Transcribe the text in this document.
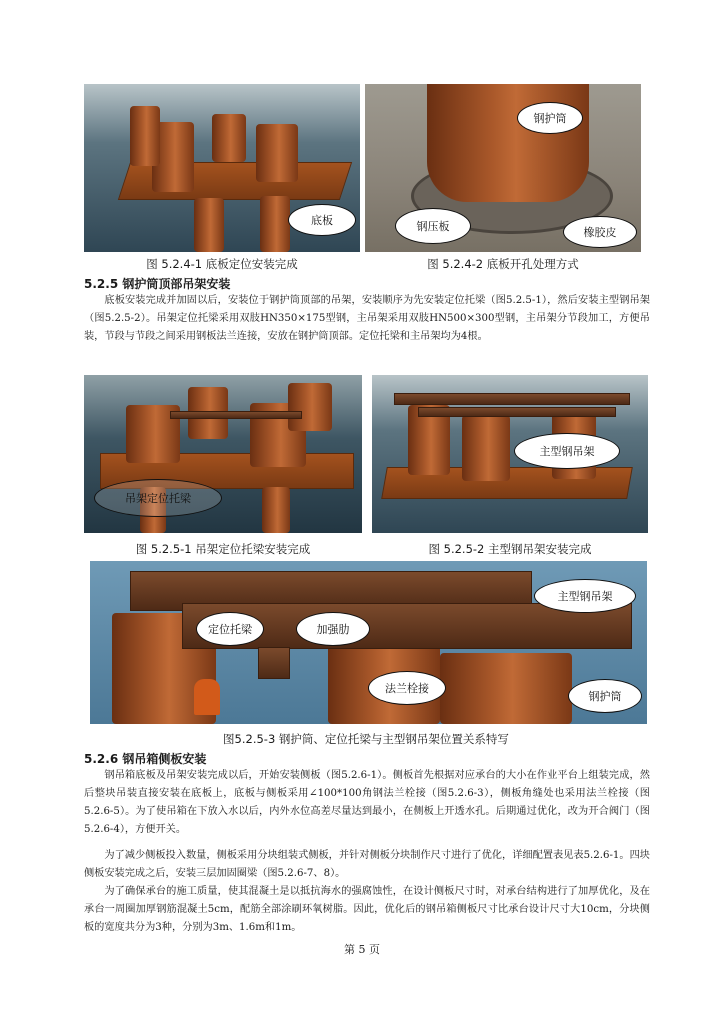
底板
钢护筒
钢压板	橡胶皮
图 5.2.4-1 底板定位安装完成	图 5.2.4-2 底板开孔处理方式
5.2.5 钢护筒顶部吊架安装

底板安装完成并加固以后，安装位于钢护筒顶部的吊架，安装顺序为先安装定位托梁（图5.2.5-1），然后安装主型钢吊架（图5.2.5-2）。吊架定位托梁采用双肢HN350×175型钢，主吊架采用双肢HN500×300型钢，主吊架分节段加工，方便吊装，节段与节段之间采用钢板法兰连接，安放在钢护筒顶部。定位托梁和主吊架均为4根。

吊架定位托梁
主型钢吊架
图 5.2.5-1 吊架定位托梁安装完成	图 5.2.5-2 主型钢吊架安装完成
定位托梁	加强肋
主型钢吊架
法兰栓接
钢护筒
图5.2.5-3 钢护筒、定位托梁与主型钢吊架位置关系特写
5.2.6 钢吊箱侧板安装

钢吊箱底板及吊架安装完成以后，开始安装侧板（图5.2.6-1）。侧板首先根据对应承台的大小在作业平台上组装完成，然后整块吊装直接安装在底板上，底板与侧板采用∠100*100角钢法兰栓接（图5.2.6-3），侧板角缝处也采用法兰栓接（图5.2.6-5）。为了使吊箱在下放入水以后，内外水位高差尽量达到最小，在侧板上开透水孔。后期通过优化，改为开合阀门（图5.2.6-4），方便开关。

为了减少侧板投入数量，侧板采用分块组装式侧板，并针对侧板分块制作尺寸进行了优化，详细配置表见表5.2.6-1。四块侧板安装完成之后，安装三层加固圈梁（图5.2.6-7、8）。

为了确保承台的施工质量，使其混凝土是以抵抗海水的强腐蚀性，在设计侧板尺寸时，对承台结构进行了加厚优化，及在承台一周圈加厚钢筋混凝土5cm，配筋全部涂刷环氧树脂。因此，优化后的钢吊箱侧板尺寸比承台设计尺寸大10cm，分块侧板的宽度共分为3种，分别为3m、1.6m和1m。

第 5 页
